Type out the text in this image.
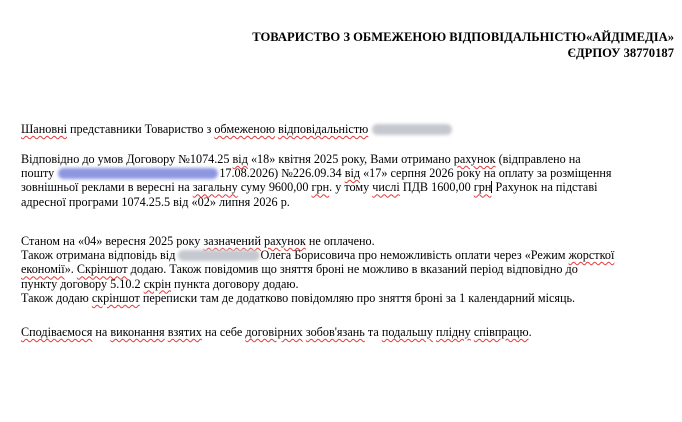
ТОВАРИСТВО З ОБМЕЖЕНОЮ ВІДПОВІДАЛЬНІСТЮ«АЙДІМЕДІА»
ЄДРПОУ 38770187
Шановні представники Товариство з обмеженою відповідальністю
Відповідно до умов Договору №1074.25 від «18» квітня 2025 року, Вами отримано рахунок (відправлено на
пошту	17.08.2026) №226.09.34 від «17» серпня 2026 року на оплату за розміщення
зовнішньої реклами в вересні на загальну суму 9600,00 грн. у тому числі ПДВ 1600,00 грн Рахунок на підставі
адресної програми 1074.25.5 від «02» липня 2026 р.
Станом на «04» вересня 2025 року зазначений рахунок не оплачено.
Також отримана відповідь від	Олега Борисовича про неможливість оплати через «Режим жорсткої
економії». Скріншот додаю. Також повідомив що зняття броні не можливо в вказаний період відповідно до
пункту договору 5.10.2 скрін пункта договору додаю.
Також додаю скріншот переписки там де додатково повідомляю про зняття броні за 1 календарний місяць.
Сподіваємося на виконання взятих на себе договірних зобов'язань та подальшу плідну співпрацю.
